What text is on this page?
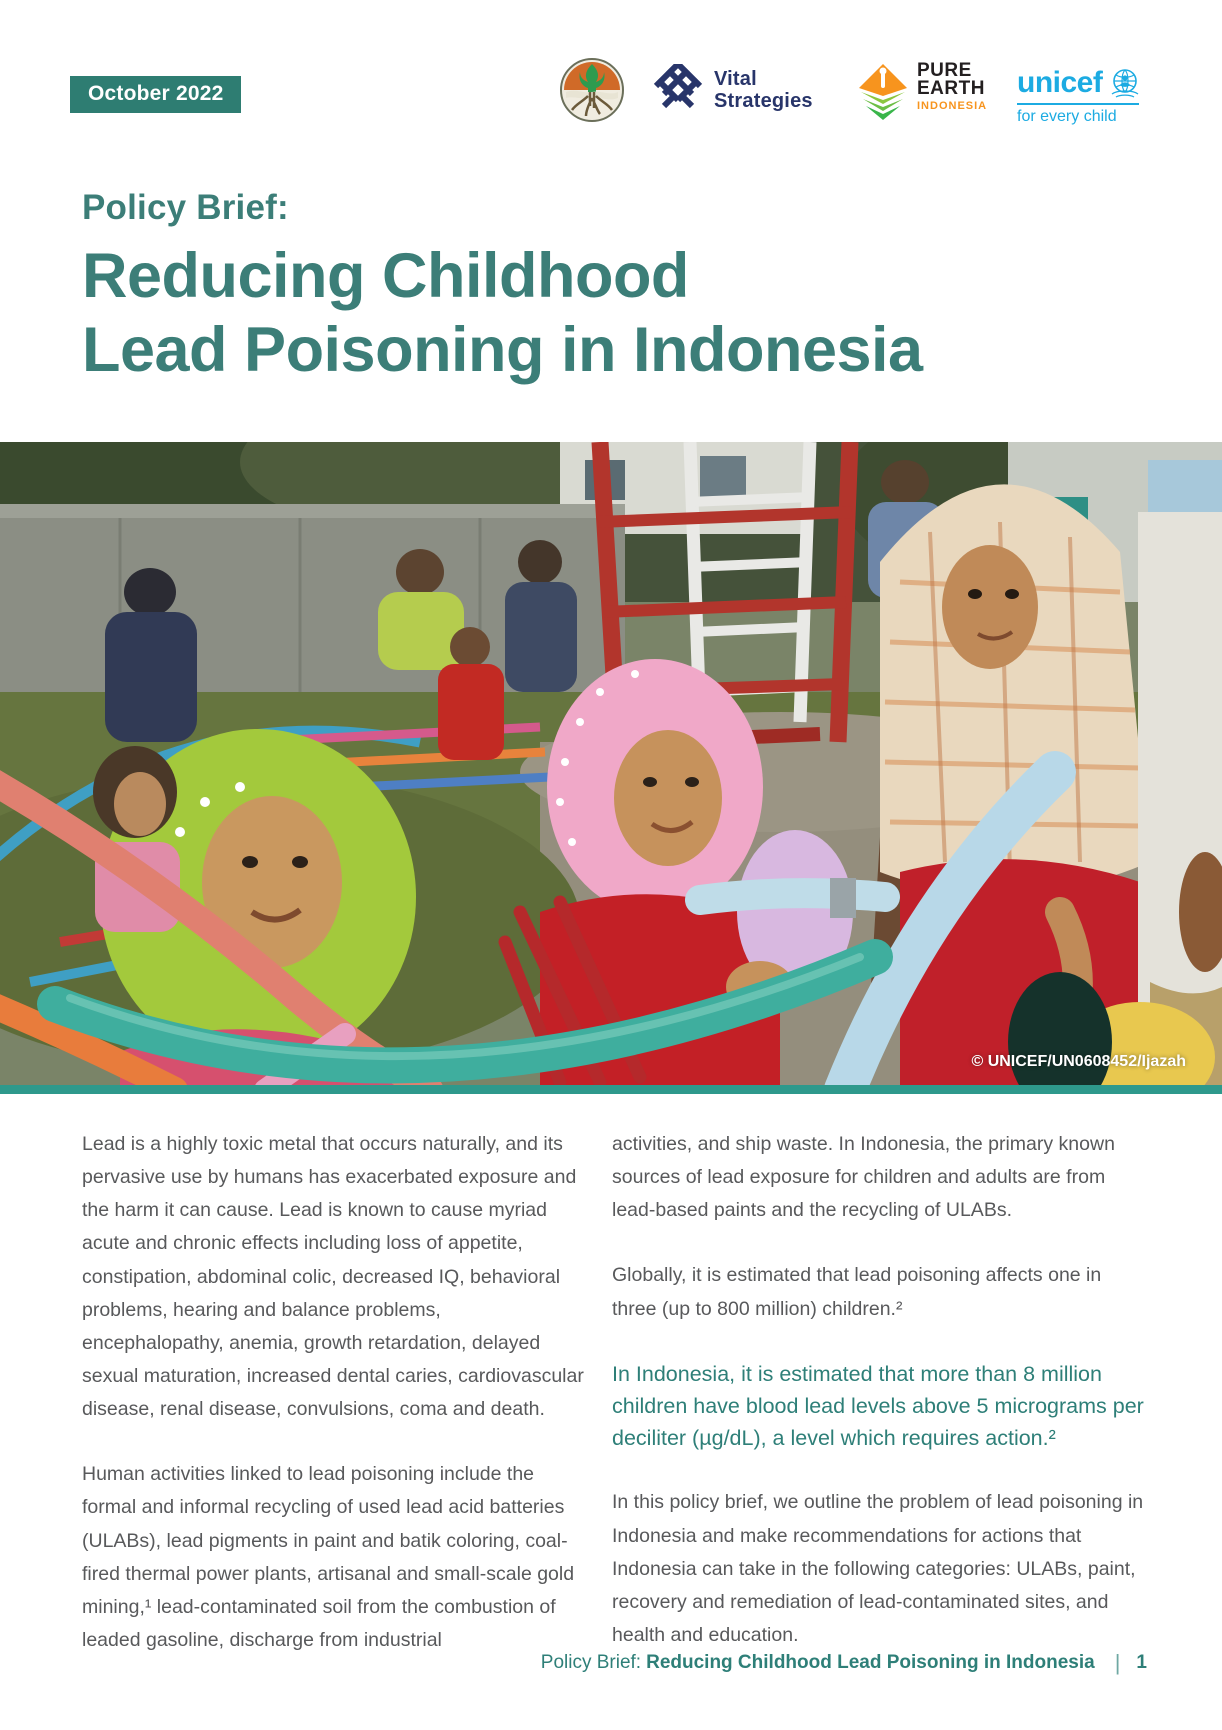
October 2022
Vital
Strategies
PURE
EARTH
INDONESIA
unicef
for every child
Policy Brief:
Reducing Childhood
Lead Poisoning in Indonesia
© UNICEF/UN0608452/Ijazah

Lead is a highly toxic metal that occurs naturally, and its pervasive use by humans has exacerbated exposure and the harm it can cause. Lead is known to cause myriad acute and chronic effects including loss of appetite, constipation, abdominal colic, decreased IQ, behavioral problems, hearing and balance problems, encephalopathy, anemia, growth retardation, delayed sexual maturation, increased dental caries, cardiovascular disease, renal disease, convulsions, coma and death.

Human activities linked to lead poisoning include the formal and informal recycling of used lead acid batteries (ULABs), lead pigments in paint and batik coloring, coal-fired thermal power plants, artisanal and small-scale gold mining,¹ lead-contaminated soil from the combustion of leaded gasoline, discharge from industrial

activities, and ship waste. In Indonesia, the primary known sources of lead exposure for children and adults are from lead-based paints and the recycling of ULABs.

Globally, it is estimated that lead poisoning affects one in three (up to 800 million) children.²

In Indonesia, it is estimated that more than 8 million children have blood lead levels above 5 micrograms per deciliter (µg/dL), a level which requires action.²

In this policy brief, we outline the problem of lead poisoning in Indonesia and make recommendations for actions that Indonesia can take in the following categories: ULABs, paint, recovery and remediation of lead-contaminated sites, and health and education.

Policy Brief: Reducing Childhood Lead Poisoning in Indonesia | 1
